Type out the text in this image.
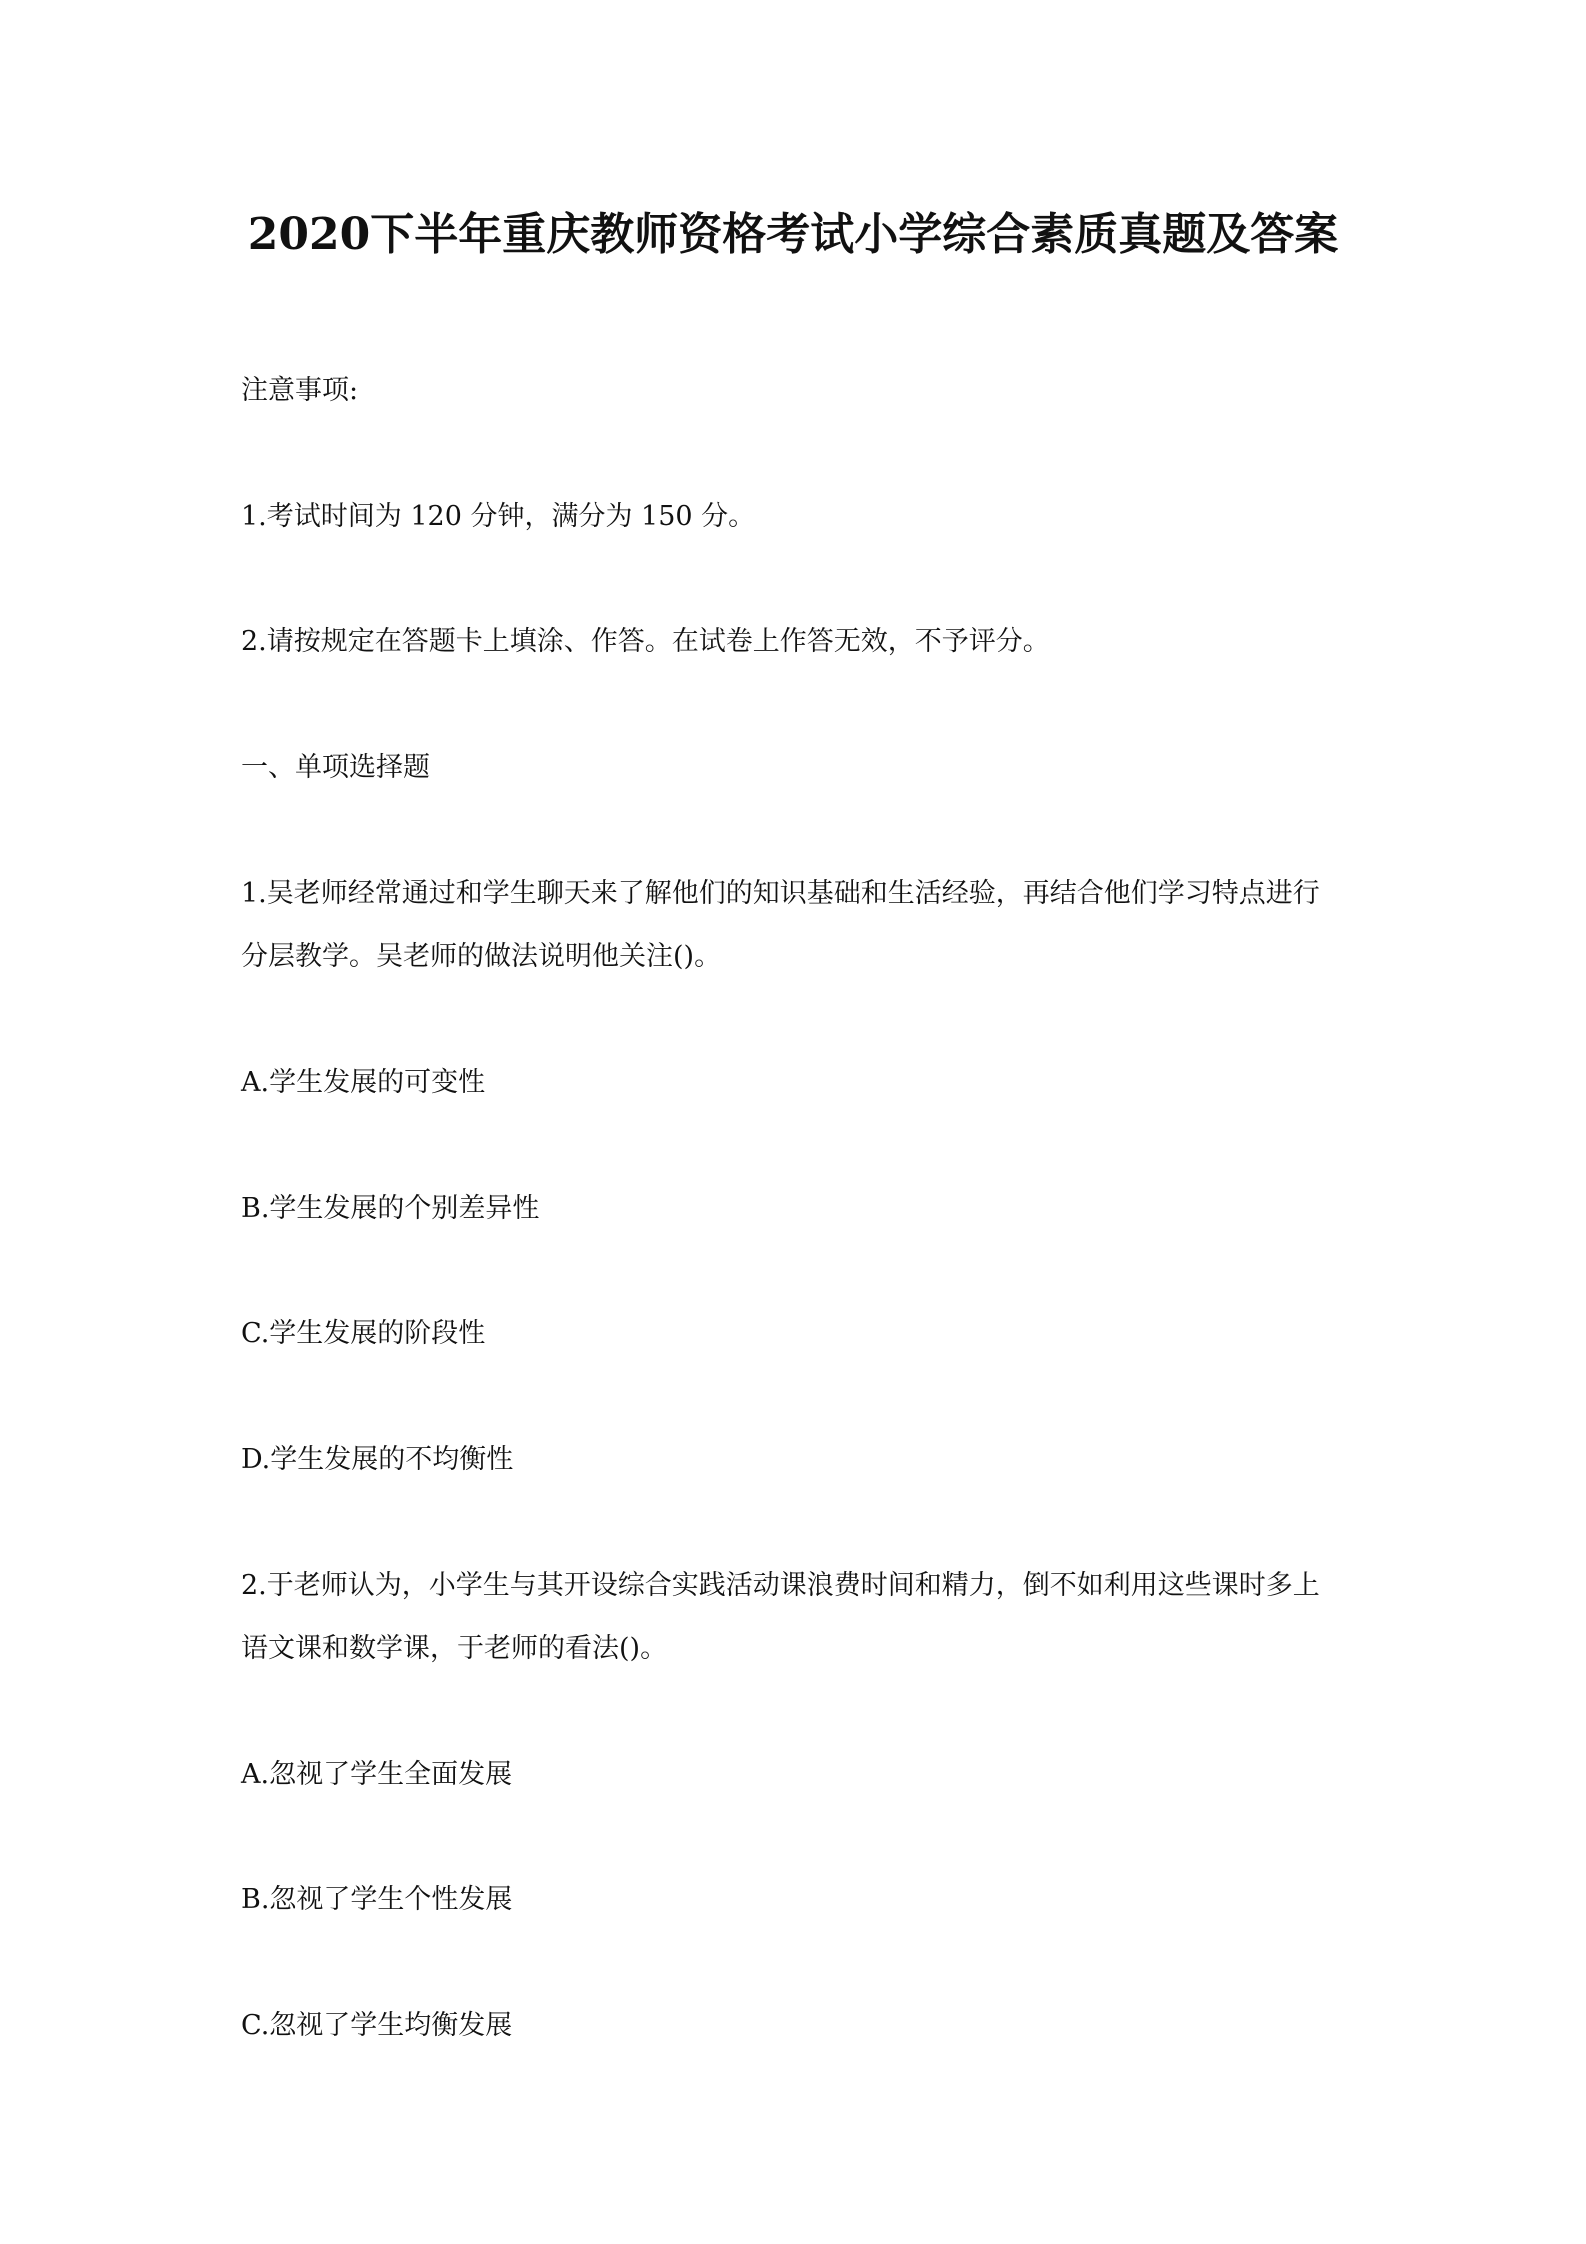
2020下半年重庆教师资格考试小学综合素质真题及答案
注意事项:
1.考试时间为 120 分钟，满分为 150 分。
2.请按规定在答题卡上填涂、作答。在试卷上作答无效，不予评分。
一、单项选择题
1.吴老师经常通过和学生聊天来了解他们的知识基础和生活经验，再结合他们学习特点进行
分层教学。吴老师的做法说明他关注()。
A.学生发展的可变性
B.学生发展的个别差异性
C.学生发展的阶段性
D.学生发展的不均衡性
2.于老师认为，小学生与其开设综合实践活动课浪费时间和精力，倒不如利用这些课时多上
语文课和数学课，于老师的看法()。
A.忽视了学生全面发展
B.忽视了学生个性发展
C.忽视了学生均衡发展
